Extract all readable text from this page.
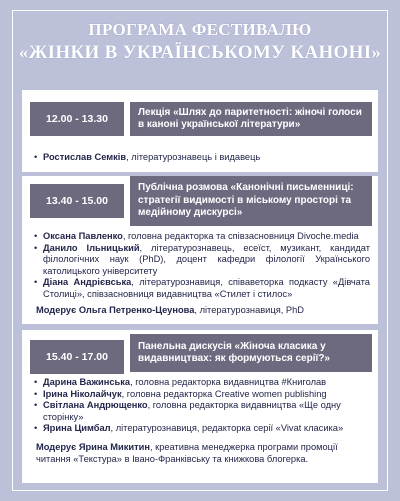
ПРОГРАМА ФЕСТИВАЛЮ
«ЖІНКИ В УКРАЇНСЬКОМУ КАНОНІ»
12.00 - 13.30
Лекція «Шлях до паритетності: жіночі голоси в каноні української літератури»
• Ростислав Семків, літературознавець і видавець
13.40 - 15.00
Публічна розмова «Канонічні письменниці: стратегії видимості в міському просторі та медійному дискурсі»
• Оксана Павленко, головна редакторка та співзасновниця Divoche.media
• Данило Ільницький, літературознавець, есеїст, музикант, кандидат філологічних наук (PhD), доцент кафедри філології Українського католицького університету
• Діана Андрієвська, літературознавиця, співаветорка подкасту «Дівчата Столиці», співзасновниця видавництва «Стилет і стилос»
Модерує Ольга Петренко-Цеунова, літературознавиця, PhD
15.40 - 17.00
Панельна дискусія «Жіноча класика у видавництвах: як формуються серії?»
• Дарина Важинська, головна редакторка видавництва #Книголав
• Ірина Ніколайчук, головна редакторка Creative women publishing
• Світлана Андрющенко, головна редакторка видавництва «Ще одну сторінку»
• Ярина Цимбал, літературознавиця, редакторка серії «Vivat класика»
Модерує Ярина Микитин, креативна менеджерка програми промоції читання «Текстура» в Івано-Франківську та книжкова блогерка.
